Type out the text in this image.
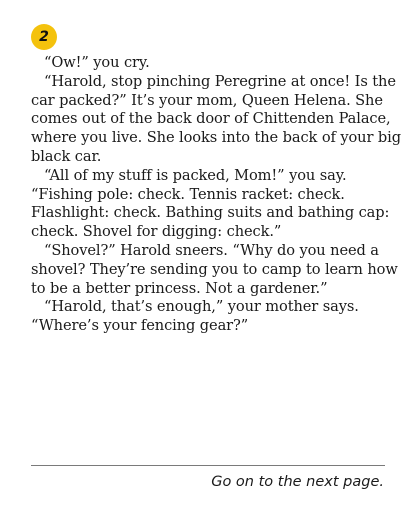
2

“Ow!” you cry.

“Harold, stop pinching Peregrine at once! Is the car packed?” It’s your mom, Queen Helena. She comes out of the back door of Chittenden Palace, where you live. She looks into the back of your big black car.

“All of my stuff is packed, Mom!” you say. “Fishing pole: check. Tennis racket: check. Flashlight: check. Bathing suits and bathing cap: check. Shovel for digging: check.”

“Shovel?” Harold sneers. “Why do you need a shovel? They’re sending you to camp to learn how to be a better princess. Not a gardener.”

“Harold, that’s enough,” your mother says. “Where’s your fencing gear?”

Go on to the next page.
